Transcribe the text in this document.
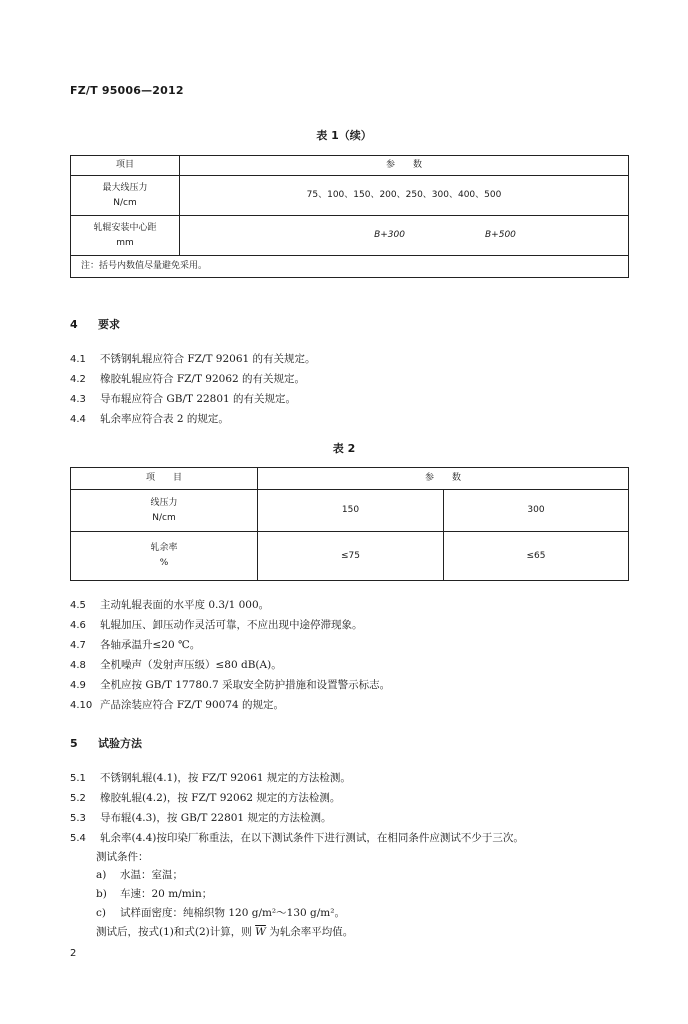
FZ/T 95006—2012
表 1（续）
项目	参　　数	

最大线压力
N/cm	75、100、150、200、250、300、400、500	

轧辊安装中心距
mm	B+300	B+500
注：括号内数值尽量避免采用。		
4 要求
4.1 不锈钢轧辊应符合 FZ/T 92061 的有关规定。
4.2 橡胶轧辊应符合 FZ/T 92062 的有关规定。
4.3 导布辊应符合 GB/T 22801 的有关规定。
4.4 轧余率应符合表 2 的规定。
表 2
项　　目	参　　数	

线压力
N/cm	150	300

轧余率
%	≤75	≤65
4.5 主动轧辊表面的水平度 0.3/1 000。
4.6 轧辊加压、卸压动作灵活可靠，不应出现中途停滞现象。
4.7 各轴承温升≤20 ℃。
4.8 全机噪声（发射声压级）≤80 dB(A)。
4.9 全机应按 GB/T 17780.7 采取安全防护措施和设置警示标志。
4.10 产品涂装应符合 FZ/T 90074 的规定。
5 试验方法
5.1 不锈钢轧辊(4.1)，按 FZ/T 92061 规定的方法检测。
5.2 橡胶轧辊(4.2)，按 FZ/T 92062 规定的方法检测。
5.3 导布辊(4.3)，按 GB/T 22801 规定的方法检测。
5.4 轧余率(4.4)按印染厂称重法，在以下测试条件下进行测试，在相同条件应测试不少于三次。
测试条件：
a) 水温：室温；
b) 车速：20 m/min；
c) 试样面密度：纯棉织物 120 g/m²～130 g/m²。
测试后，按式(1)和式(2)计算，则 $\overline{W}$ 为轧余率平均值。
2
